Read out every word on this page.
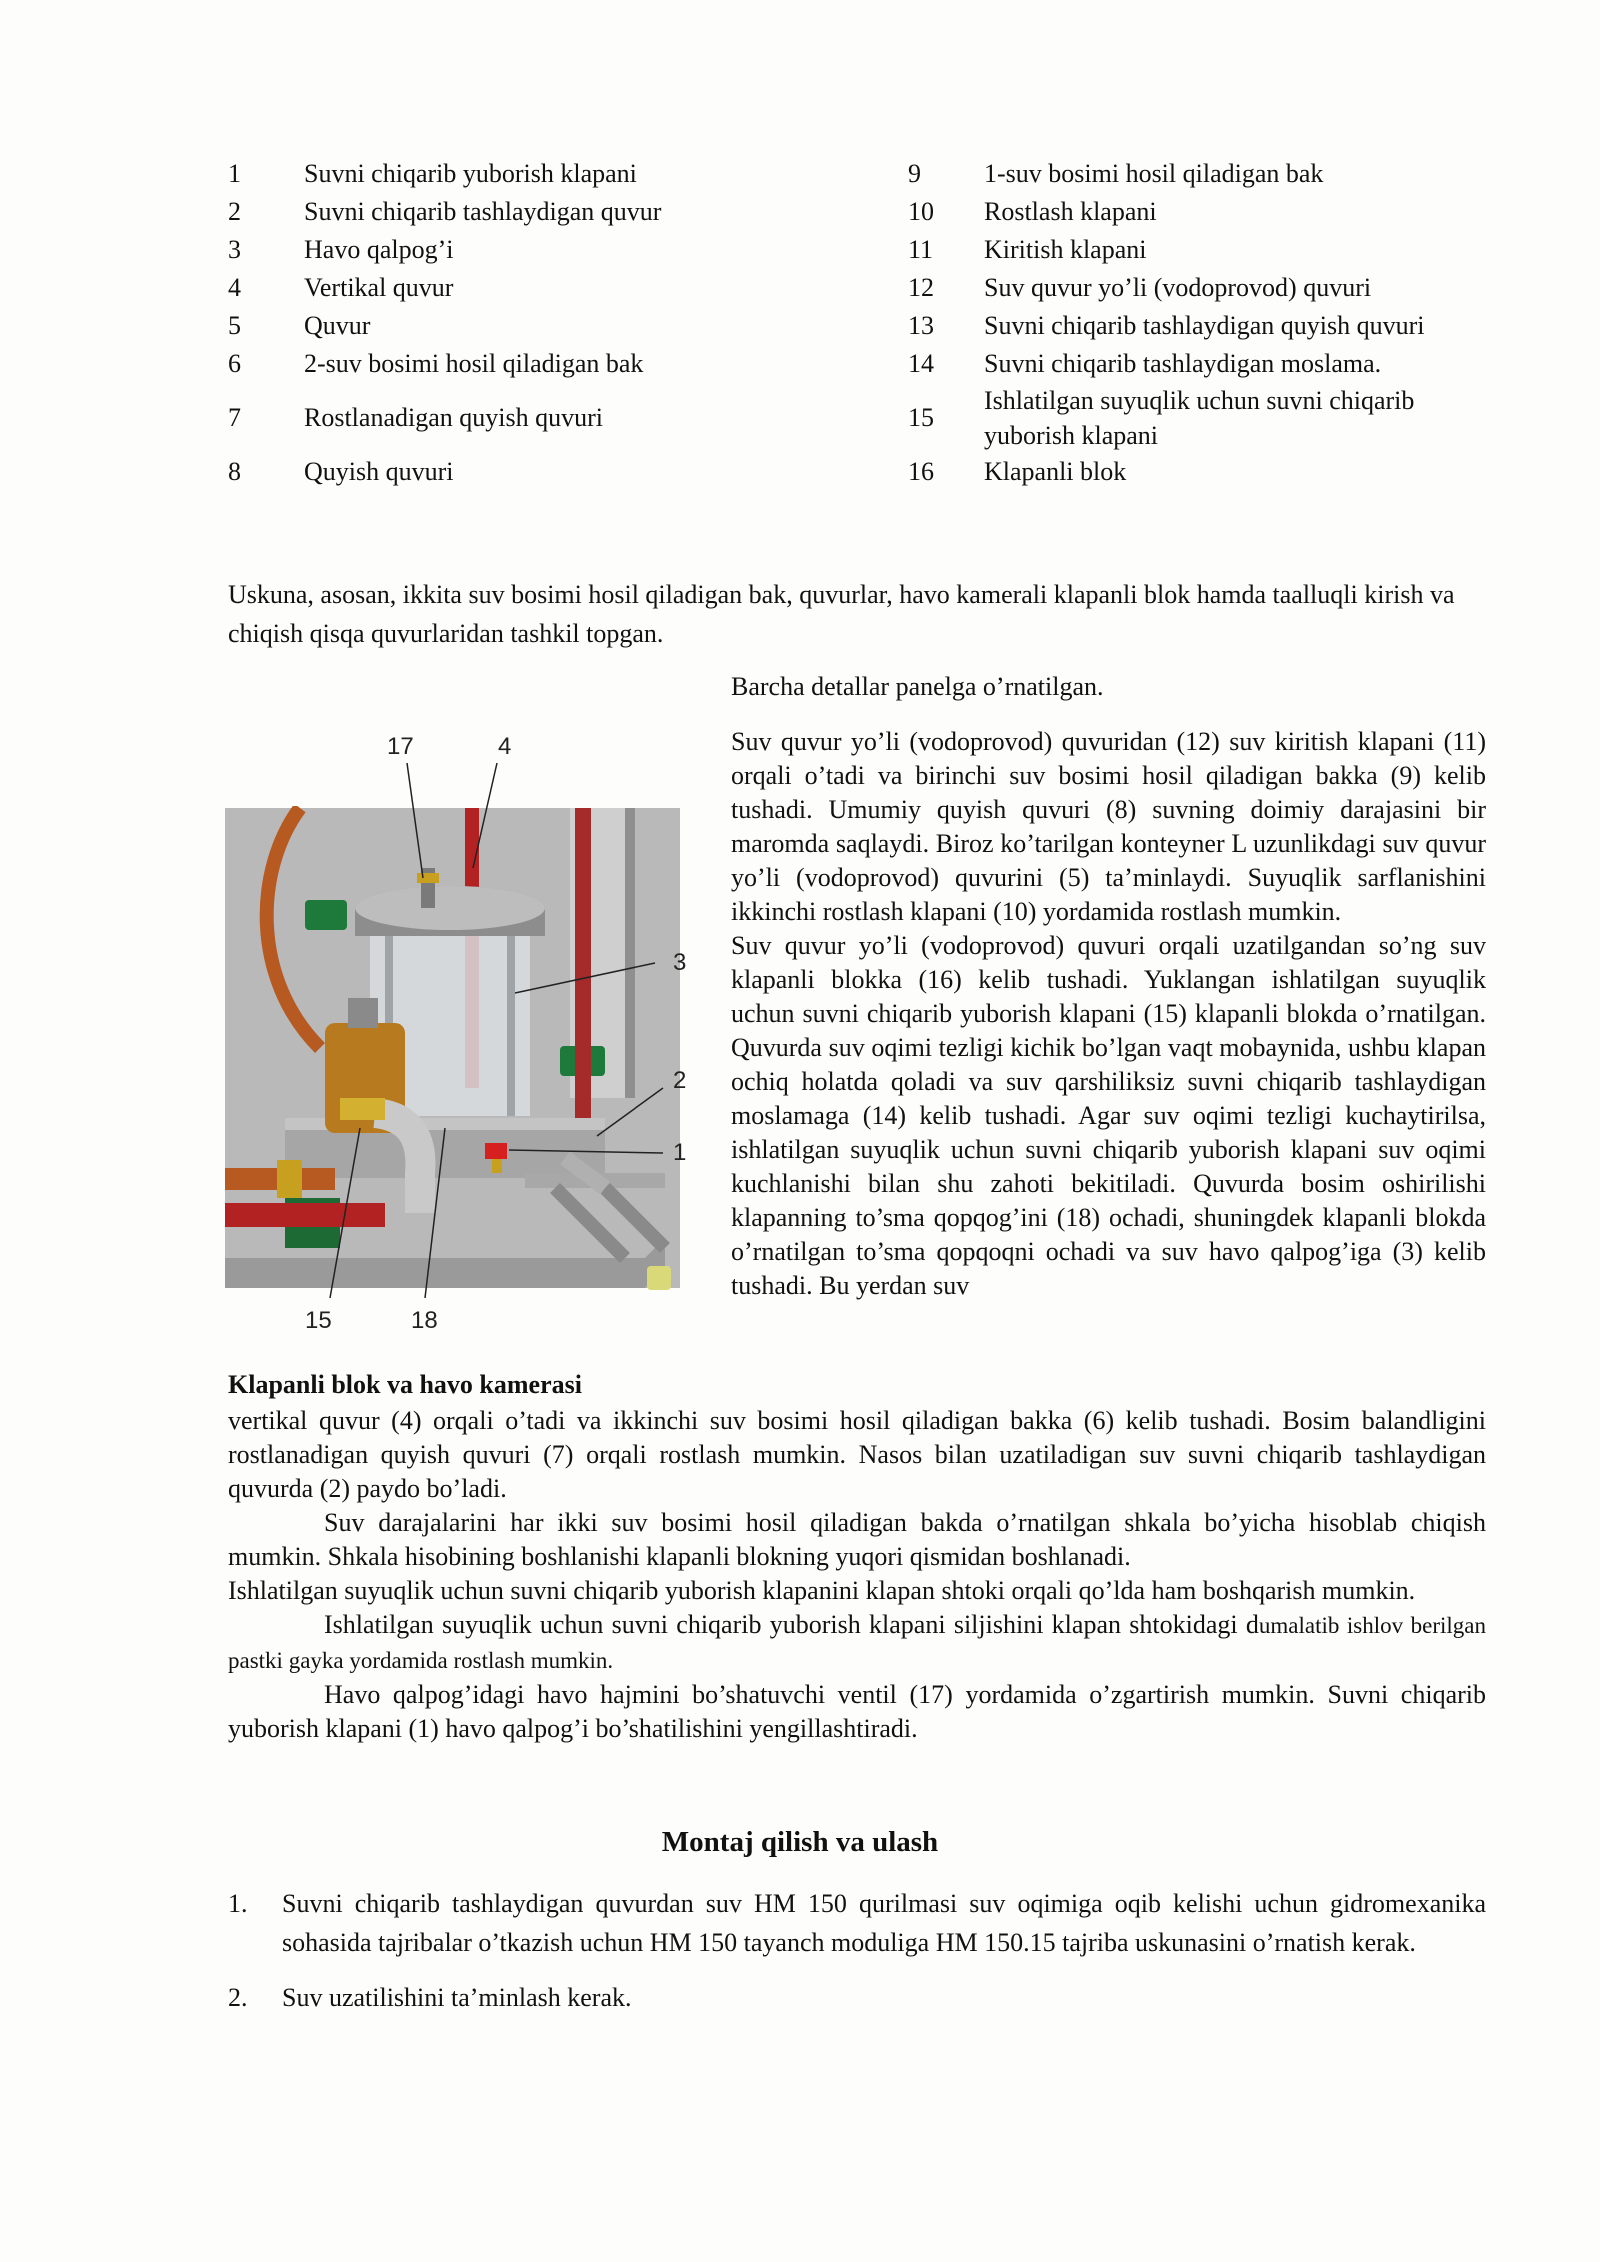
1 Suvni chiqarib yuborish klapani	9 1-suv bosimi hosil qiladigan bak
2 Suvni chiqarib tashlaydigan quvur	10 Rostlash klapani
3 Havo qalpog’i	11 Kiritish klapani
4 Vertikal quvur	12 Suv quvur yo’li (vodoprovod) quvuri
5 Quvur	13 Suvni chiqarib tashlaydigan quyish quvuri
6 2-suv bosimi hosil qiladigan bak	14 Suvni chiqarib tashlaydigan moslama.
7 Rostlanadigan quyish quvuri	15
Ishlatilgan suyuqlik uchun suvni chiqarib yuborish klapani
8 Quyish quvuri	16 Klapanli blok

Uskuna, asosan, ikkita suv bosimi hosil qiladigan bak, quvurlar, havo kamerali klapanli blok hamda taalluqli kirish va chiqish qisqa quvurlaridan tashkil topgan.

Barcha detallar panelga o’rnatilgan.

Suv quvur yo’li (vodoprovod) quvuridan (12) suv kiritish klapani (11) orqali o’tadi va birinchi suv bosimi hosil qiladigan bakka (9) kelib tushadi. Umumiy quyish quvuri (8) suvning doimiy darajasini bir maromda saqlaydi. Biroz ko’tarilgan konteyner L uzunlikdagi suv quvur yo’li (vodoprovod) quvurini (5) ta’minlaydi. Suyuqlik sarflanishini ikkinchi rostlash klapani (10) yordamida rostlash mumkin.

Suv quvur yo’li (vodoprovod) quvuri orqali uzatilgandan so’ng suv klapanli blokka (16) kelib tushadi. Yuklangan ishlatilgan suyuqlik uchun suvni chiqarib yuborish klapani (15) klapanli blokda o’rnatilgan. Quvurda suv oqimi tezligi kichik bo’lgan vaqt mobaynida, ushbu klapan ochiq holatda qoladi va suv qarshiliksiz suvni chiqarib tashlaydigan moslamaga (14) kelib tushadi. Agar suv oqimi tezligi kuchaytirilsa, ishlatilgan suyuqlik uchun suvni chiqarib yuborish klapani suv oqimi kuchlanishi bilan shu zahoti bekitiladi. Quvurda bosim oshirilishi klapanning to’sma qopqog’ini (18) ochadi, shuningdek klapanli blokda o’rnatilgan to’sma qopqoqni ochadi va suv havo qalpog’iga (3) kelib tushadi. Bu yerdan suv

17	4
3
2
1
15	18
Klapanli blok va havo kamerasi

vertikal quvur (4) orqali o’tadi va ikkinchi suv bosimi hosil qiladigan bakka (6) kelib tushadi. Bosim balandligini rostlanadigan quyish quvuri (7) orqali rostlash mumkin. Nasos bilan uzatiladigan suv suvni chiqarib tashlaydigan quvurda (2) paydo bo’ladi.

Suv darajalarini har ikki suv bosimi hosil qiladigan bakda o’rnatilgan shkala bo’yicha hisoblab chiqish mumkin. Shkala hisobining boshlanishi klapanli blokning yuqori qismidan boshlanadi.

Ishlatilgan suyuqlik uchun suvni chiqarib yuborish klapanini klapan shtoki orqali qo’lda ham boshqarish mumkin.

Ishlatilgan suyuqlik uchun suvni chiqarib yuborish klapani siljishini klapan shtokidagi dumalatib ishlov berilgan pastki gayka yordamida rostlash mumkin.

Havo qalpog’idagi havo hajmini bo’shatuvchi ventil (17) yordamida o’zgartirish mumkin. Suvni chiqarib yuborish klapani (1) havo qalpog’i bo’shatilishini yengillashtiradi.

Montaj qilish va ulash
1. Suvni chiqarib tashlaydigan quvurdan suv HM 150 qurilmasi suv oqimiga oqib kelishi uchun gidromexanika sohasida tajribalar o’tkazish uchun HM 150 tayanch moduliga HM 150.15 tajriba uskunasini o’rnatish kerak.
2. Suv uzatilishini ta’minlash kerak.
